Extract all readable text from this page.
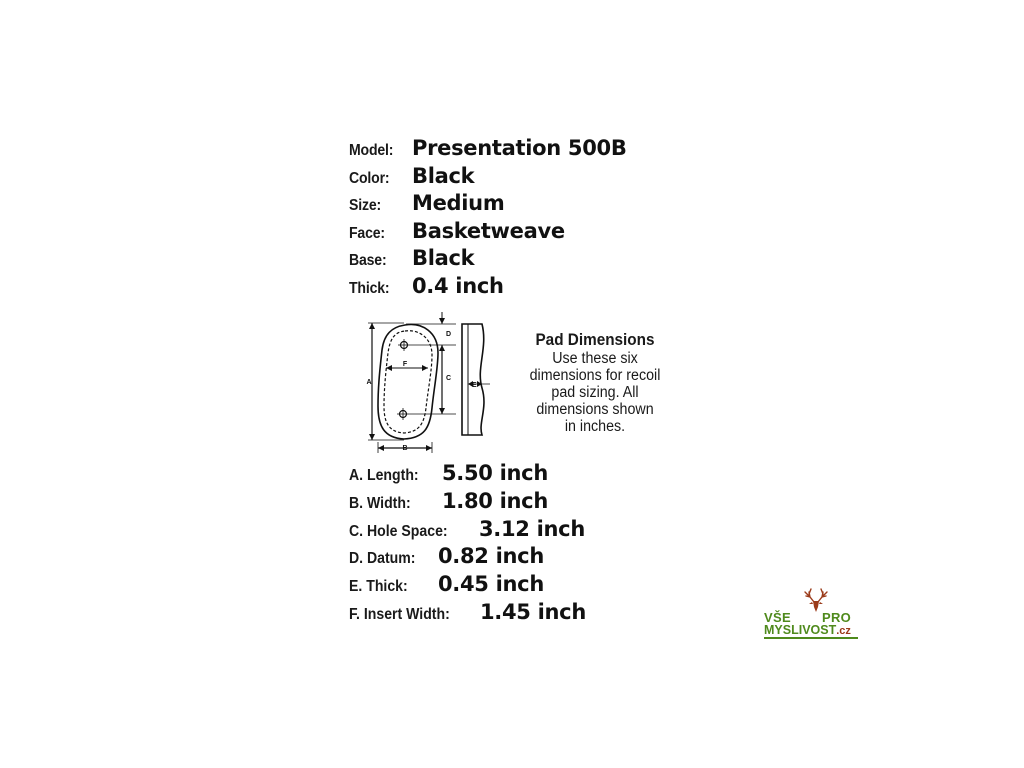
Model: Presentation 500B
Color: Black
Size: Medium
Face: Basketweave
Base: Black
Thick: 0.4 inch
A
B
C
D
E
F
Pad Dimensions
Use these six
dimensions for recoil
pad sizing. All
dimensions shown
in inches.
A. Length: 5.50 inch
B. Width: 1.80 inch
C. Hole Space: 3.12 inch
D. Datum: 0.82 inch
E. Thick: 0.45 inch
F. Insert Width: 1.45 inch	VŠE PRO
MYSLIVOST.cz
